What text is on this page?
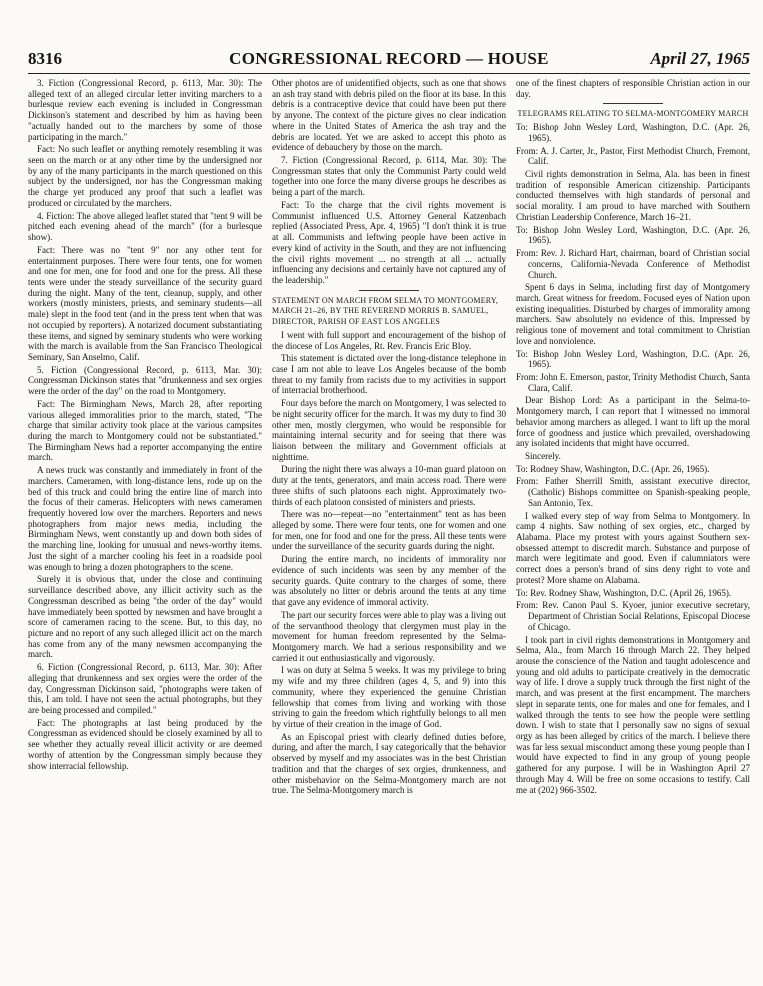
8316	CONGRESSIONAL RECORD — HOUSE	April 27, 1965

3. Fiction (Congressional Record, p. 6113, Mar. 30): The alleged text of an alleged circular letter inviting marchers to a burlesque review each evening is included in Congressman Dickinson's statement and described by him as having been "actually handed out to the marchers by some of those participating in the march."

Fact: No such leaflet or anything remotely resembling it was seen on the march or at any other time by the undersigned nor by any of the many participants in the march questioned on this subject by the undersigned, nor has the Congressman making the charge yet produced any proof that such a leaflet was produced or circulated by the marchers.

4. Fiction: The above alleged leaflet stated that "tent 9 will be pitched each evening ahead of the march" (for a burlesque show).

Fact: There was no "tent 9" nor any other tent for entertainment purposes. There were four tents, one for women and one for men, one for food and one for the press. All these tents were under the steady surveillance of the security guard during the night. Many of the tent, cleanup, supply, and other workers (mostly ministers, priests, and seminary students—all male) slept in the food tent (and in the press tent when that was not occupied by reporters). A notarized document substantiating these items, and signed by seminary students who were working with the march is available from the San Francisco Theological Seminary, San Anselmo, Calif.

5. Fiction (Congressional Record, p. 6113, Mar. 30): Congressman Dickinson states that "drunkenness and sex orgies were the order of the day" on the road to Montgomery.

Fact: The Birmingham News, March 28, after reporting various alleged immoralities prior to the march, stated, "The charge that similar activity took place at the various campsites during the march to Montgomery could not be substantiated." The Birmingham News had a reporter accompanying the entire march.

A news truck was constantly and immediately in front of the marchers. Cameramen, with long-distance lens, rode up on the bed of this truck and could bring the entire line of march into the focus of their cameras. Helicopters with news cameramen frequently hovered low over the marchers. Reporters and news photographers from major news media, including the Birmingham News, went constantly up and down both sides of the marching line, looking for unusual and news-worthy items. Just the sight of a marcher cooling his feet in a roadside pool was enough to bring a dozen photographers to the scene.

Surely it is obvious that, under the close and continuing surveillance described above, any illicit activity such as the Congressman described as being "the order of the day" would have immediately been spotted by newsmen and have brought a score of cameramen racing to the scene. But, to this day, no picture and no report of any such alleged illicit act on the march has come from any of the many newsmen accompanying the march.

6. Fiction (Congressional Record, p. 6113, Mar. 30): After alleging that drunkenness and sex orgies were the order of the day, Congressman Dickinson said, "photographs were taken of this, I am told. I have not seen the actual photographs, but they are being processed and compiled."

Fact: The photographs at last being produced by the Congressman as evidenced should be closely examined by all to see whether they actually reveal illicit activity or are deemed worthy of attention by the Congressman simply because they show interracial fellowship.

Other photos are of unidentified objects, such as one that shows an ash tray stand with debris piled on the floor at its base. In this debris is a contraceptive device that could have been put there by anyone. The context of the picture gives no clear indication where in the United States of America the ash tray and the debris are located. Yet we are asked to accept this photo as evidence of debauchery by those on the march.

7. Fiction (Congressional Record, p. 6114, Mar. 30): The Congressman states that only the Communist Party could weld together into one force the many diverse groups he describes as being a part of the march.

Fact: To the charge that the civil rights movement is Communist influenced U.S. Attorney General Katzenbach replied (Associated Press, Apr. 4, 1965) "I don't think it is true at all. Communists and leftwing people have been active in every kind of activity in the South, and they are not influencing the civil rights movement ... no strength at all ... actually influencing any decisions and certainly have not captured any of the leadership."

STATEMENT ON MARCH FROM SELMA TO MONTGOMERY, MARCH 21–26, BY THE REVEREND MORRIS B. SAMUEL, DIRECTOR, PARISH OF EAST LOS ANGELES

I went with full support and encouragement of the bishop of the diocese of Los Angeles, Rt. Rev. Francis Eric Bloy.

This statement is dictated over the long-distance telephone in case I am not able to leave Los Angeles because of the bomb threat to my family from racists due to my activities in support of interracial brotherhood.

Four days before the march on Montgomery, I was selected to be night security officer for the march. It was my duty to find 30 other men, mostly clergymen, who would be responsible for maintaining internal security and for seeing that there was liaison between the military and Government officials at nighttime.

During the night there was always a 10-man guard platoon on duty at the tents, generators, and main access road. There were three shifts of such platoons each night. Approximately two-thirds of each platoon consisted of ministers and priests.

There was no—repeat—no "entertainment" tent as has been alleged by some. There were four tents, one for women and one for men, one for food and one for the press. All these tents were under the surveillance of the security guards during the night.

During the entire march, no incidents of immorality nor evidence of such incidents was seen by any member of the security guards. Quite contrary to the charges of some, there was absolutely no litter or debris around the tents at any time that gave any evidence of immoral activity.

The part our security forces were able to play was a living out of the servanthood theology that clergymen must play in the movement for human freedom represented by the Selma-Montgomery march. We had a serious responsibility and we carried it out enthusiastically and vigorously.

I was on duty at Selma 5 weeks. It was my privilege to bring my wife and my three children (ages 4, 5, and 9) into this community, where they experienced the genuine Christian fellowship that comes from living and working with those striving to gain the freedom which rightfully belongs to all men by virtue of their creation in the image of God.

As an Episcopal priest with clearly defined duties before, during, and after the march, I say categorically that the behavior observed by myself and my associates was in the best Christian tradition and that the charges of sex orgies, drunkenness, and other misbehavior on the Selma-Montgomery march are not true. The Selma-Montgomery march is

one of the finest chapters of responsible Christian action in our day.

TELEGRAMS RELATING TO SELMA-MONTGOMERY MARCH

To: Bishop John Wesley Lord, Washington, D.C. (Apr. 26, 1965).

From: A. J. Carter, Jr., Pastor, First Methodist Church, Fremont, Calif.

Civil rights demonstration in Selma, Ala. has been in finest tradition of responsible American citizenship. Participants conducted themselves with high standards of personal and social morality. I am proud to have marched with Southern Christian Leadership Conference, March 16–21.

To: Bishop John Wesley Lord, Washington, D.C. (Apr. 26, 1965).

From: Rev. J. Richard Hart, chairman, board of Christian social concerns, California-Nevada Conference of Methodist Church.

Spent 6 days in Selma, including first day of Montgomery march. Great witness for freedom. Focused eyes of Nation upon existing inequalities. Disturbed by charges of immorality among marchers. Saw absolutely no evidence of this. Impressed by religious tone of movement and total commitment to Christian love and nonviolence.

To: Bishop John Wesley Lord, Washington, D.C. (Apr. 26, 1965).

From: John E. Emerson, pastor, Trinity Methodist Church, Santa Clara, Calif.

Dear Bishop Lord: As a participant in the Selma-to-Montgomery march, I can report that I witnessed no immoral behavior among marchers as alleged. I want to lift up the moral force of goodness and justice which prevailed, overshadowing any isolated incidents that might have occurred.

Sincerely.

To: Rodney Shaw, Washington, D.C. (Apr. 26, 1965).

From: Father Sherrill Smith, assistant executive director, (Catholic) Bishops committee on Spanish-speaking people, San Antonio, Tex.

I walked every step of way from Selma to Montgomery. In camp 4 nights. Saw nothing of sex orgies, etc., charged by Alabama. Place my protest with yours against Southern sex-obsessed attempt to discredit march. Substance and purpose of march were legitimate and good. Even if calumniators were correct does a person's brand of sins deny right to vote and protest? More shame on Alabama.

To: Rev. Rodney Shaw, Washington, D.C. (April 26, 1965).

From: Rev. Canon Paul S. Kyoer, junior executive secretary, Department of Christian Social Relations, Episcopal Diocese of Chicago.

I took part in civil rights demonstrations in Montgomery and Selma, Ala., from March 16 through March 22. They helped arouse the conscience of the Nation and taught adolescence and young and old adults to participate creatively in the democratic way of life. I drove a supply truck through the first night of the march, and was present at the first encampment. The marchers slept in separate tents, one for males and one for females, and I walked through the tents to see how the people were settling down. I wish to state that I personally saw no signs of sexual orgy as has been alleged by critics of the march. I believe there was far less sexual misconduct among these young people than I would have expected to find in any group of young people gathered for any purpose. I will be in Washington April 27 through May 4. Will be free on some occasions to testify. Call me at (202) 966-3502.
